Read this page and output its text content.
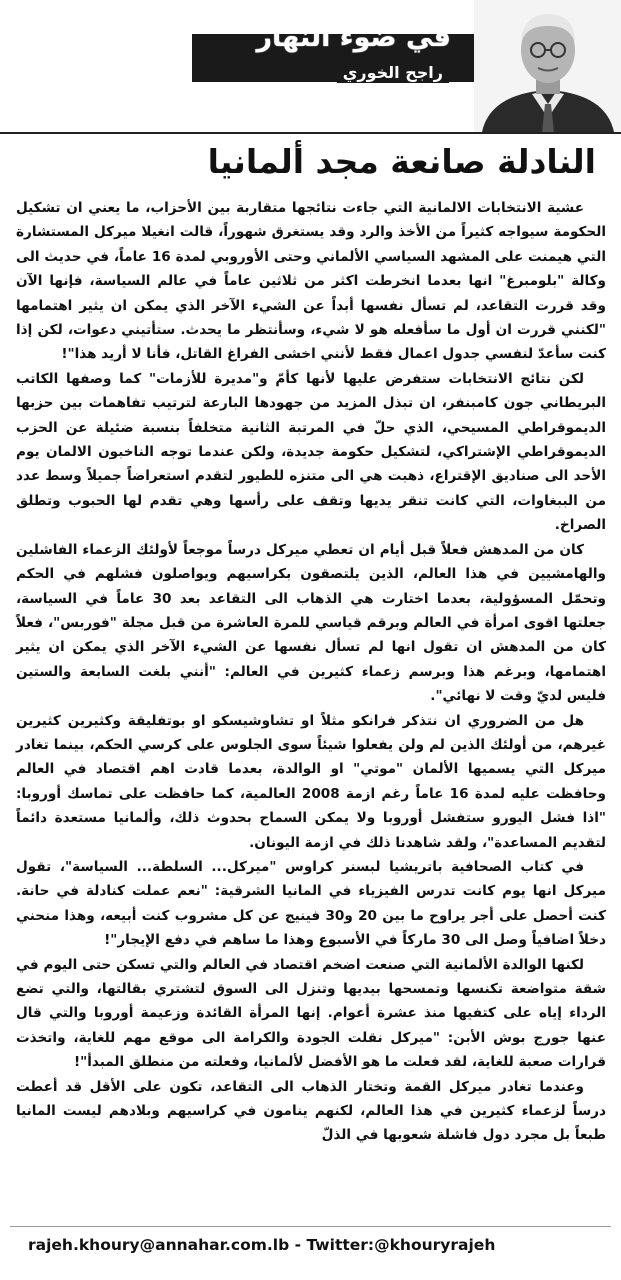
في ضوء النهار
راجح الخوري
النادلة صانعة مجد ألمانيا

عشية الانتخابات الالمانية التي جاءت نتائجها متقاربة بين الأحزاب، ما يعني ان تشكيل الحكومة سيواجه كثيراً من الأخذ والرد وقد يستغرق شهوراً، قالت انغيلا ميركل المستشارة التي هيمنت على المشهد السياسي الألماني وحتى الأوروبي لمدة 16 عاماً، في حديث الى وكالة "بلومبرغ" انها بعدما انخرطت اكثر من ثلاثين عاماً في عالم السياسة، فإنها الآن وقد قررت التقاعد، لم تسأل نفسها أبداً عن الشيء الآخر الذي يمكن ان يثير اهتمامها "لكنني قررت ان أول ما سأفعله هو لا شيء، وسأنتظر ما يحدث. ستأتيني دعوات، لكن إذا كنت سأعدّ لنفسي جدول اعمال فقط لأنني اخشى الفراغ القاتل، فأنا لا أريد هذا"!

لكن نتائج الانتخابات ستفرض عليها لأنها كأمّ و"مديرة للأزمات" كما وصفها الكاتب البريطاني جون كامبنفر، ان تبذل المزيد من جهودها البارعة لترتيب تفاهمات بين حزبها الديموقراطي المسيحي، الذي حلّ في المرتبة الثانية متخلفاً بنسبة ضئيلة عن الحزب الديموقراطي الإشتراكي، لتشكيل حكومة جديدة، ولكن عندما توجه الناخبون الالمان يوم الأحد الى صناديق الإقتراع، ذهبت هي الى متنزه للطيور لتقدم استعراضاً جميلاً وسط عدد من الببغاوات، التي كانت تنقر يديها وتقف على رأسها وهي تقدم لها الحبوب وتطلق الصراخ.

كان من المدهش فعلاً قبل أيام ان تعطي ميركل درساً موجعاً لأولئك الزعماء الفاشلين والهامشيين في هذا العالم، الذين يلتصقون بكراسيهم ويواصلون فشلهم في الحكم وتحمّل المسؤولية، بعدما اختارت هي الذهاب الى التقاعد بعد 30 عاماً في السياسة، جعلتها اقوى امرأة في العالم وبرقم قياسي للمرة العاشرة من قبل مجلة "فوربس"، فعلاً كان من المدهش ان تقول انها لم تسأل نفسها عن الشيء الآخر الذي يمكن ان يثير اهتمامها، وبرغم هذا وبرسم زعماء كثيرين في العالم: "أنني بلغت السابعة والستين فليس لديّ وقت لا نهائي".

هل من الضروري ان نتذكر فرانكو مثلاً او تشاوشيسكو او بوتفليقة وكثيرين كثيرين غيرهم، من أولئك الذين لم ولن يفعلوا شيئاً سوى الجلوس على كرسي الحكم، بينما تغادر ميركل التي يسميها الألمان "موتي" او الوالدة، بعدما قادت اهم اقتصاد في العالم وحافظت عليه لمدة 16 عاماً رغم ازمة 2008 العالمية، كما حافظت على تماسك أوروبا: "اذا فشل اليورو ستفشل أوروبا ولا يمكن السماح بحدوث ذلك، وألمانيا مستعدة دائماً لتقديم المساعدة"، ولقد شاهدنا ذلك في ازمة اليونان.

في كتاب الصحافية باتريشيا لبسنر كراوس "ميركل... السلطة... السياسة"، تقول ميركل انها يوم كانت تدرس الفيزياء في المانيا الشرقية: "نعم عملت كنادلة في حانة. كنت أحصل على أجر يراوح ما بين 20 و30 فينيج عن كل مشروب كنت أبيعه، وهذا منحني دخلاً اضافياً وصل الى 30 ماركاً في الأسبوع وهذا ما ساهم في دفع الإيجار"!

لكنها الوالدة الألمانية التي صنعت اضخم اقتصاد في العالم والتي تسكن حتى اليوم في شقة متواضعة تكنسها وتمسحها بيديها وتنزل الى السوق لتشتري بقالتها، والتي تضع الرداء إياه على كتفيها منذ عشرة أعوام. إنها المرأة القائدة وزعيمة أوروبا والتي قال عنها جورج بوش الأبن: "ميركل نقلت الجودة والكرامة الى موقع مهم للغاية، واتخذت قرارات صعبة للغاية، لقد فعلت ما هو الأفضل لألمانيا، وفعلته من منطلق المبدأ"!

وعندما تغادر ميركل القمة وتختار الذهاب الى التقاعد، تكون على الأقل قد أعطت درساً لزعماء كثيرين في هذا العالم، لكنهم ينامون في كراسيهم وبلادهم ليست المانيا طبعاً بل مجرد دول فاشلة شعوبها في الذلّ

rajeh.khoury@annahar.com.lb - Twitter:@khouryrajeh
